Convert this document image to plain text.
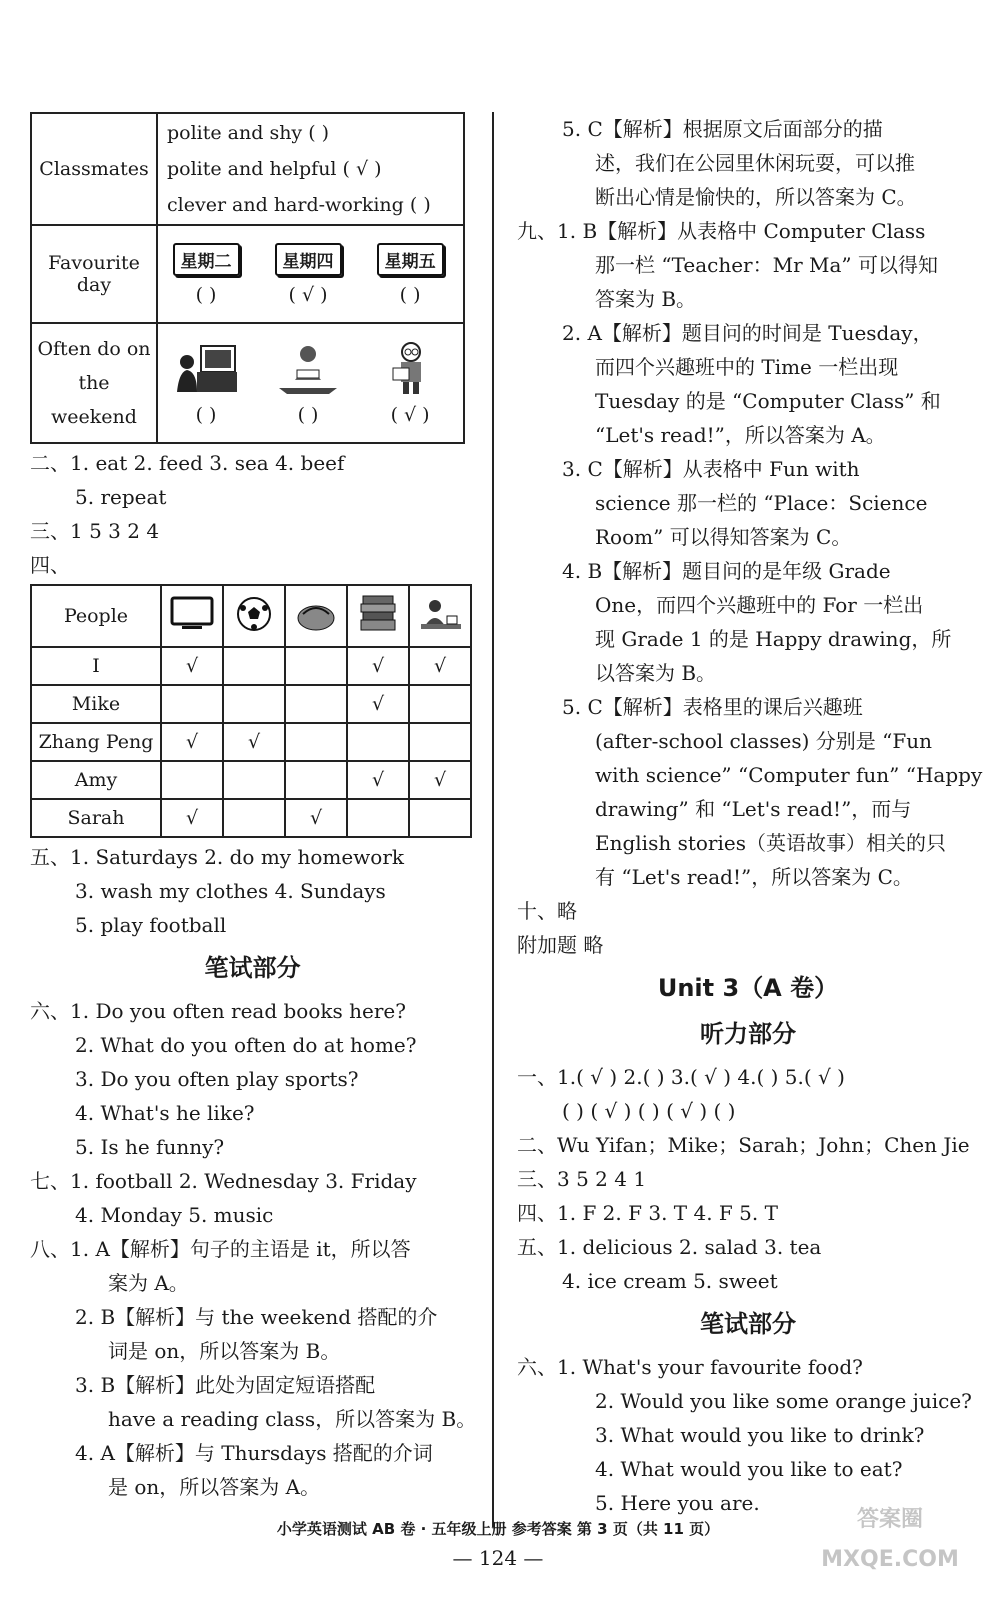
Classmates	polite and shy ( )
polite and helpful ( √ )
clever and hard-working ( )

Favourite day	星期二 星期四 星期五
( ) ( √ ) ( )

Often do on
the weekend	( ) ( ) ( √ )
二、1. eat 2. feed 3. sea 4. beef
5. repeat
三、1 5 3 2 4
四、
People					
I	√			√	√
Mike				√	
Zhang Peng	√	√			
Amy				√	√
Sarah	√		√		
五、1. Saturdays 2. do my homework
3. wash my clothes 4. Sundays
5. play football
笔试部分
六、1. Do you often read books here?
2. What do you often do at home?
3. Do you often play sports?
4. What's he like?
5. Is he funny?
七、1. football 2. Wednesday 3. Friday
4. Monday 5. music
八、1. A【解析】句子的主语是 it，所以答
案为 A。
2. B【解析】与 the weekend 搭配的介
词是 on，所以答案为 B。
3. B【解析】此处为固定短语搭配
have a reading class，所以答案为 B。
4. A【解析】与 Thursdays 搭配的介词
是 on，所以答案为 A。
5. C【解析】根据原文后面部分的描
述，我们在公园里休闲玩耍，可以推
断出心情是愉快的，所以答案为 C。
九、1. B【解析】从表格中 Computer Class
那一栏 “Teacher：Mr Ma” 可以得知
答案为 B。
2. A【解析】题目问的时间是 Tuesday，
而四个兴趣班中的 Time 一栏出现
Tuesday 的是 “Computer Class” 和
“Let's read!”，所以答案为 A。
3. C【解析】从表格中 Fun with
science 那一栏的 “Place：Science
Room” 可以得知答案为 C。
4. B【解析】题目问的是年级 Grade
One，而四个兴趣班中的 For 一栏出
现 Grade 1 的是 Happy drawing，所
以答案为 B。
5. C【解析】表格里的课后兴趣班
(after-school classes) 分别是 “Fun
with science” “Computer fun” “Happy
drawing” 和 “Let's read!”，而与
English stories（英语故事）相关的只
有 “Let's read!”，所以答案为 C。
十、略
附加题 略
Unit 3（A 卷）
听力部分
一、1.( √ ) 2.( ) 3.( √ ) 4.( ) 5.( √ )
( ) ( √ ) ( ) ( √ ) ( )
二、Wu Yifan；Mike；Sarah；John；Chen Jie
三、3 5 2 4 1
四、1. F 2. F 3. T 4. F 5. T
五、1. delicious 2. salad 3. tea
4. ice cream 5. sweet
笔试部分
六、1. What's your favourite food?
2. Would you like some orange juice?
3. What would you like to drink?
4. What would you like to eat?
5. Here you are.
小学英语测试 AB 卷 · 五年级上册 参考答案 第 3 页（共 11 页）
— 124 —
答案圈 MXQE.COM
